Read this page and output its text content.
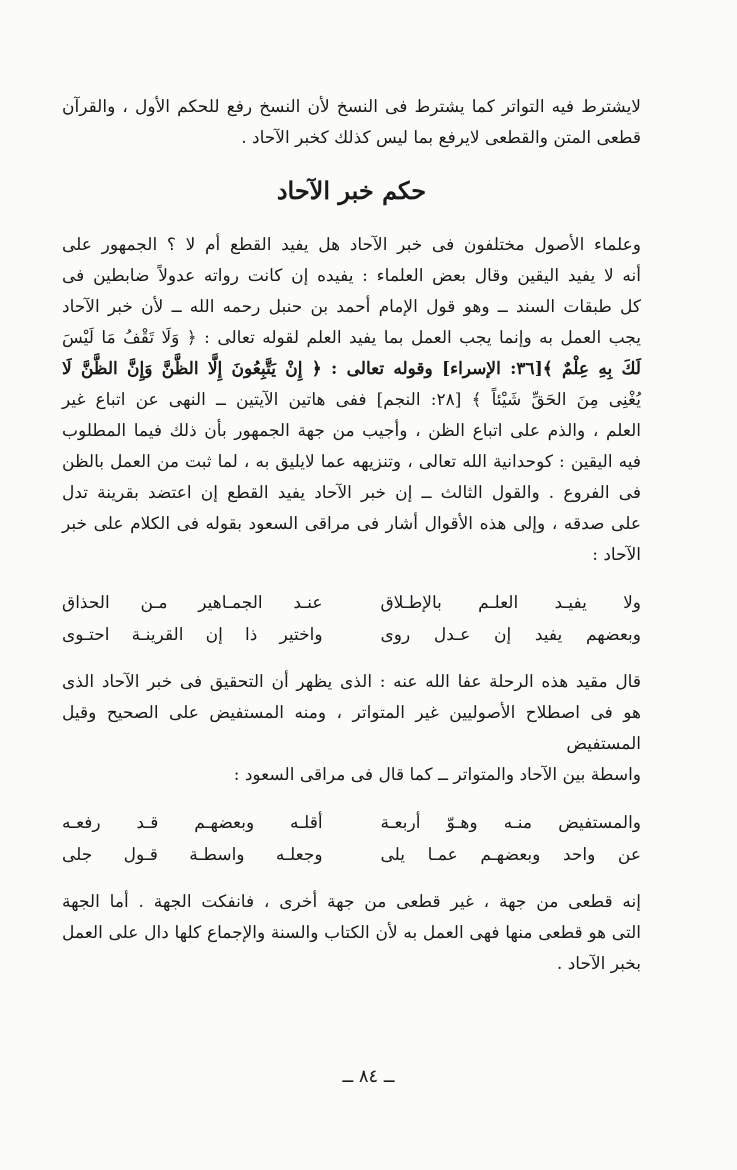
لايشترط فيه التواتر كما يشترط فى النسخ لأن النسخ رفع للحكم الأول ، والقرآن

قطعى المتن والقطعى لايرفع بما ليس كذلك كخبر الآحاد .

حكم خبر الآحاد

وعلماء الأصول مختلفون فى خبر الآحاد هل يفيد القطع أم لا ؟ الجمهور على

أنه لا يفيد اليقين وقال بعض العلماء : يفيده إن كانت رواته عدولاً ضابطين فى

كل طبقات السند ــ وهو قول الإمام أحمد بن حنبل رحمه الله ــ لأن خبر الآحاد

يجب العمل به وإنما يجب العمل بما يفيد العلم لقوله تعالى : ﴿ وَلَا تَقْفُ مَا لَيْسَ

لَكَ بِهِ عِلْمٌ ﴾[٣٦: الإسراء] وقوله تعالى : ﴿ إِنْ يَتَّبِعُونَ إِلَّا الظَّنَّ وَإِنَّ الظَّنَّ لَا

يُغْنِى مِنَ الحَقِّ شَيْئاً ﴾ [٢٨: النجم] ففى هاتين الآيتين ــ النهى عن اتباع غير

العلم ، والذم على اتباع الظن ، وأجيب من جهة الجمهور بأن ذلك فيما المطلوب

فيه اليقين : كوحدانية الله تعالى ، وتنزيهه عما لايليق به ، لما ثبت من العمل بالظن

فى الفروع . والقول الثالث ــ إن خبر الآحاد يفيد القطع إن اعتضد بقرينة تدل

على صدقه ، وإلى هذه الأقوال أشار فى مراقى السعود بقوله فى الكلام على خبر الآحاد :

ولا يفيـد العلـم بالإطـلاق
عنـد الجمـاهير مـن الحذاق
وبعضهم يفيد إن عـدل روى
واختير ذا إن القرينـة احتـوى

قال مقيد هذه الرحلة عفا الله عنه : الذى يظهر أن التحقيق فى خبر الآحاد الذى

هو فى اصطلاح الأصوليين غير المتواتر ، ومنه المستفيض على الصحيح وقيل المستفيض

واسطة بين الآحاد والمتواتر ــ كما قال فى مراقى السعود :

والمستفيض منـه وهـوّ أربعـة
أقلـه وبعضهـم قـد رفعـه
عن واحد وبعضهـم عمـا يلى
وجعلـه واسطـة قـول جلى

إنه قطعى من جهة ، غير قطعى من جهة أخرى ، فانفكت الجهة . أما الجهة

التى هو قطعى منها فهى العمل به لأن الكتاب والسنة والإجماع كلها دال على العمل

بخبر الآحاد .

ــ ٨٤ ــ
